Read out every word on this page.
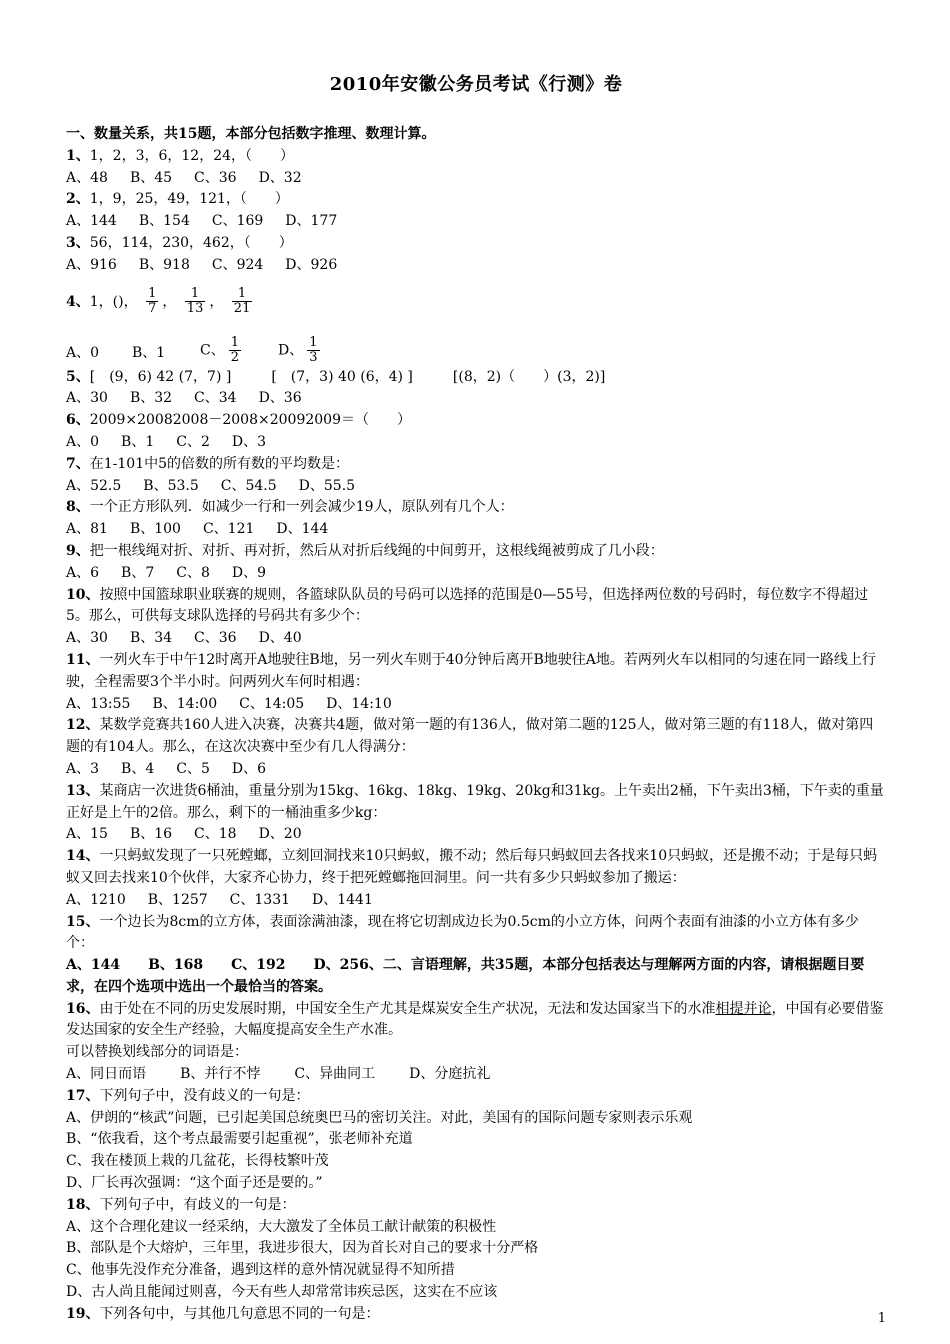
2010年安徽公务员考试《行测》卷
一、数量关系，共15题，本部分包括数字推理、数理计算。
1、1，2，3，6，12，24，（　　）
A、48 B、45 C、36 D、32
2、1，9，25，49，121，（　　）
A、144 B、154 C、169 D、177
3、56，114，230，462，（　　）
A、916 B、918 C、924 D、926
4、1，()， $\frac{1}{7}$ ， $\frac{1}{13}$ ， $\frac{1}{21}$
A、0 B、1 C、 $\frac{1}{2}$	D、 $\frac{1}{3}$
5、[　(9，6) 42 (7，7) ]	[　(7，3) 40 (6，4) ]	[(8，2)（　　）(3，2)]
A、30 B、32 C、34 D、36
6、2009×20082008－2008×20092009＝（　　）
A、0 B、1 C、2 D、3
7、在1-101中5的倍数的所有数的平均数是：
A、52.5 B、53.5 C、54.5 D、55.5
8、一个正方形队列．如减少一行和一列会减少19人，原队列有几个人：
A、81 B、100 C、121 D、144
9、把一根线绳对折、对折、再对折，然后从对折后线绳的中间剪开，这根线绳被剪成了几小段：
A、6 B、7 C、8 D、9
10、按照中国篮球职业联赛的规则，各篮球队队员的号码可以选择的范围是0—55号，但选择两位数的号码时，每位数字不得超过5。那么，可供每支球队选择的号码共有多少个：
A、30 B、34 C、36 D、40
11、一列火车于中午12时离开A地驶往B地，另一列火车则于40分钟后离开B地驶往A地。若两列火车以相同的匀速在同一路线上行驶，全程需要3个半小时。问两列火车何时相遇：
A、13:55 B、14:00 C、14:05 D、14:10
12、某数学竞赛共160人进入决赛，决赛共4题，做对第一题的有136人，做对第二题的125人，做对第三题的有118人，做对第四题的有104人。那么，在这次决赛中至少有几人得满分：
A、3 B、4 C、5 D、6
13、某商店一次进货6桶油，重量分别为15kg、16kg、18kg、19kg、20kg和31kg。上午卖出2桶，下午卖出3桶，下午卖的重量正好是上午的2倍。那么，剩下的一桶油重多少kg：
A、15 B、16 C、18 D、20
14、一只蚂蚁发现了一只死螳螂，立刻回洞找来10只蚂蚁，搬不动；然后每只蚂蚁回去各找来10只蚂蚁，还是搬不动；于是每只蚂蚁又回去找来10个伙伴，大家齐心协力，终于把死螳螂拖回洞里。问一共有多少只蚂蚁参加了搬运：
A、1210 B、1257 C、1331 D、1441
15、一个边长为8cm的立方体，表面涂满油漆，现在将它切割成边长为0.5cm的小立方体，问两个表面有油漆的小立方体有多少个：
A、144　　B、168　　C、192　　D、256、二、言语理解，共35题，本部分包括表达与理解两方面的内容，请根据题目要求，在四个选项中选出一个最恰当的答案。
16、由于处在不同的历史发展时期，中国安全生产尤其是煤炭安全生产状况，无法和发达国家当下的水准相提并论，中国有必要借鉴发达国家的安全生产经验，大幅度提高安全生产水准。
可以替换划线部分的词语是：
A、同日而语 B、并行不悖 C、异曲同工 D、分庭抗礼
17、下列句子中，没有歧义的一句是：
A、伊朗的“核武”问题，已引起美国总统奥巴马的密切关注。对此，美国有的国际问题专家则表示乐观
B、“依我看，这个考点最需要引起重视”，张老师补充道
C、我在楼顶上栽的几盆花，长得枝繁叶茂
D、厂长再次强调：“这个面子还是要的。”
18、下列句子中，有歧义的一句是：
A、这个合理化建议一经采纳，大大激发了全体员工献计献策的积极性
B、部队是个大熔炉，三年里，我进步很大，因为首长对自己的要求十分严格
C、他事先没作充分准备，遇到这样的意外情况就显得不知所措
D、古人尚且能闻过则喜，今天有些人却常常讳疾忌医，这实在不应该
19、下列各句中，与其他几句意思不同的一句是：	1
